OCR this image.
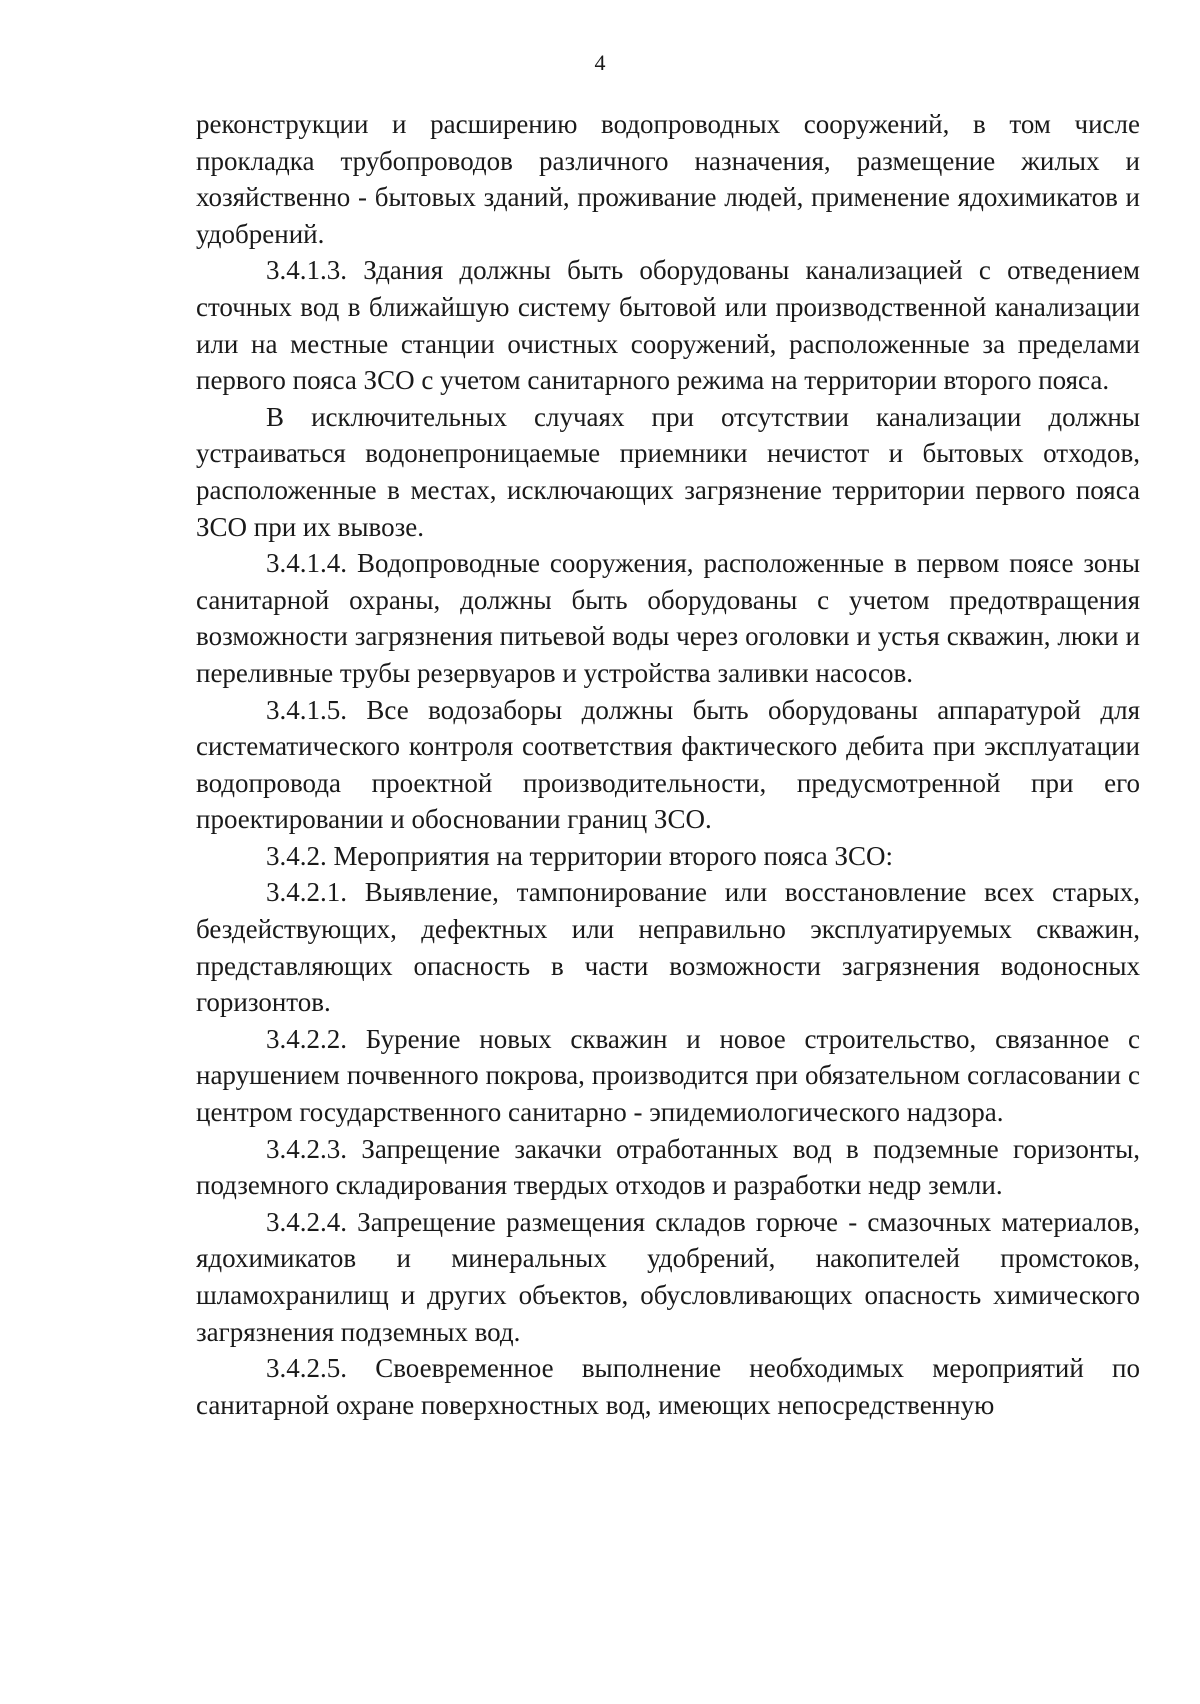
4

реконструкции и расширению водопроводных сооружений, в том числе прокладка трубопроводов различного назначения, размещение жилых и хозяйственно - бытовых зданий, проживание людей, применение ядохимикатов и удобрений.

3.4.1.3. Здания должны быть оборудованы канализацией с отведением сточных вод в ближайшую систему бытовой или производственной канализации или на местные станции очистных сооружений, расположенные за пределами первого пояса ЗСО с учетом санитарного режима на территории второго пояса.

В исключительных случаях при отсутствии канализации должны устраиваться водонепроницаемые приемники нечистот и бытовых отходов, расположенные в местах, исключающих загрязнение территории первого пояса ЗСО при их вывозе.

3.4.1.4. Водопроводные сооружения, расположенные в первом поясе зоны санитарной охраны, должны быть оборудованы с учетом предотвращения возможности загрязнения питьевой воды через оголовки и устья скважин, люки и переливные трубы резервуаров и устройства заливки насосов.

3.4.1.5. Все водозаборы должны быть оборудованы аппаратурой для систематического контроля соответствия фактического дебита при эксплуатации водопровода проектной производительности, предусмотренной при его проектировании и обосновании границ ЗСО.

3.4.2. Мероприятия на территории второго пояса ЗСО:

3.4.2.1. Выявление, тампонирование или восстановление всех старых, бездействующих, дефектных или неправильно эксплуатируемых скважин, представляющих опасность в части возможности загрязнения водоносных горизонтов.

3.4.2.2. Бурение новых скважин и новое строительство, связанное с нарушением почвенного покрова, производится при обязательном согласовании с центром государственного санитарно - эпидемиологического надзора.

3.4.2.3. Запрещение закачки отработанных вод в подземные горизонты, подземного складирования твердых отходов и разработки недр земли.

3.4.2.4. Запрещение размещения складов горюче - смазочных материалов, ядохимикатов и минеральных удобрений, накопителей промстоков, шламохранилищ и других объектов, обусловливающих опасность химического загрязнения подземных вод.

3.4.2.5. Своевременное выполнение необходимых мероприятий по санитарной охране поверхностных вод, имеющих непосредственную
